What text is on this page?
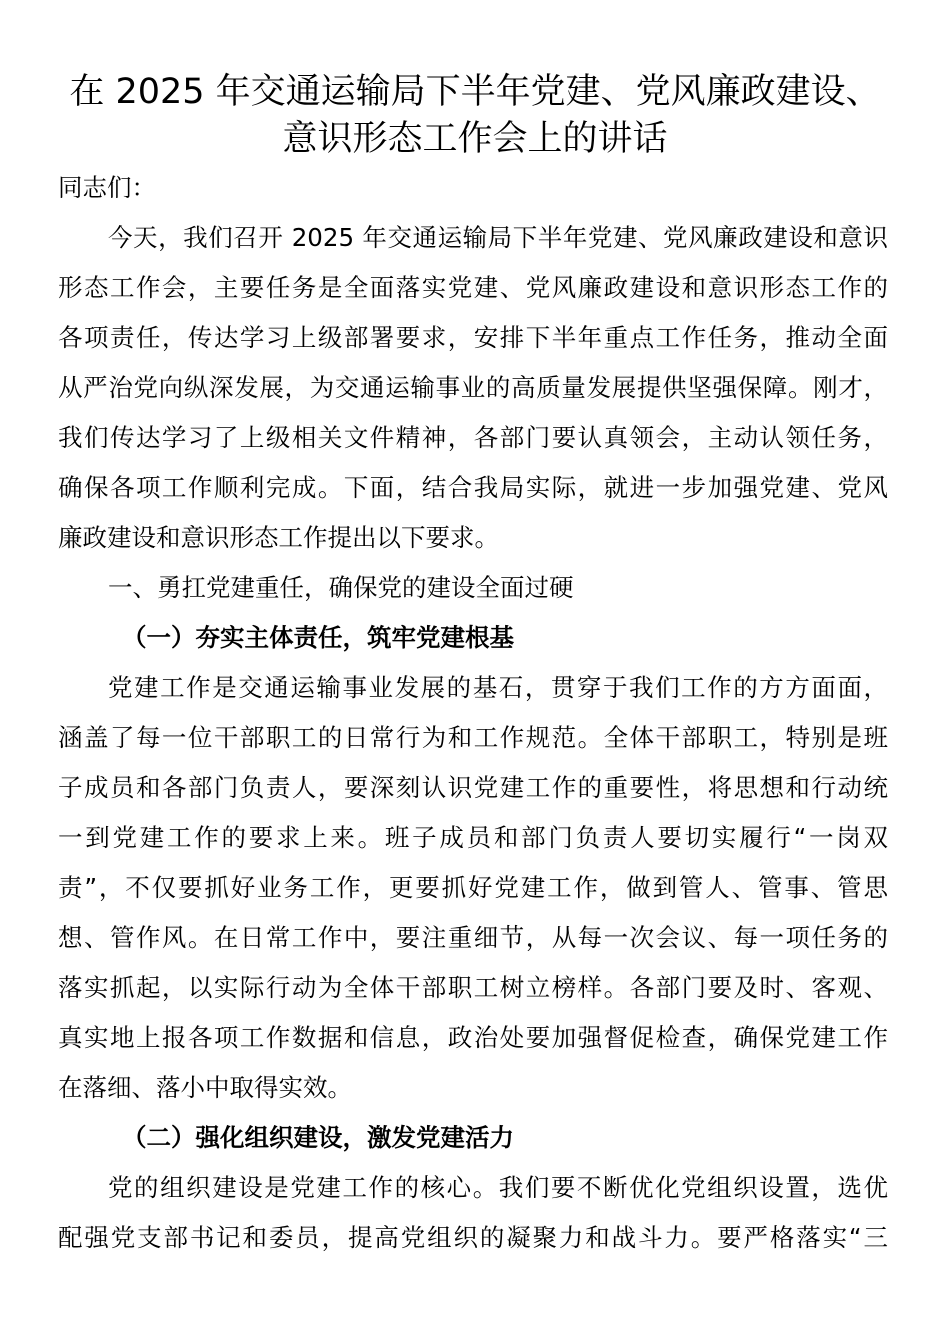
在 2025 年交通运输局下半年党建、党风廉政建设、
意识形态工作会上的讲话
同志们：
今天，我们召开 2025 年交通运输局下半年党建、党风廉政建设和意识
形态工作会，主要任务是全面落实党建、党风廉政建设和意识形态工作的
各项责任，传达学习上级部署要求，安排下半年重点工作任务，推动全面
从严治党向纵深发展，为交通运输事业的高质量发展提供坚强保障。刚才，
我们传达学习了上级相关文件精神，各部门要认真领会，主动认领任务，
确保各项工作顺利完成。下面，结合我局实际，就进一步加强党建、党风
廉政建设和意识形态工作提出以下要求。
一、勇扛党建重任，确保党的建设全面过硬
（一）夯实主体责任，筑牢党建根基
党建工作是交通运输事业发展的基石，贯穿于我们工作的方方面面，
涵盖了每一位干部职工的日常行为和工作规范。全体干部职工，特别是班
子成员和各部门负责人，要深刻认识党建工作的重要性，将思想和行动统
一到党建工作的要求上来。班子成员和部门负责人要切实履行“一岗双
责”，不仅要抓好业务工作，更要抓好党建工作，做到管人、管事、管思
想、管作风。在日常工作中，要注重细节，从每一次会议、每一项任务的
落实抓起，以实际行动为全体干部职工树立榜样。各部门要及时、客观、
真实地上报各项工作数据和信息，政治处要加强督促检查，确保党建工作
在落细、落小中取得实效。
（二）强化组织建设，激发党建活力
党的组织建设是党建工作的核心。我们要不断优化党组织设置，选优
配强党支部书记和委员，提高党组织的凝聚力和战斗力。要严格落实“三
